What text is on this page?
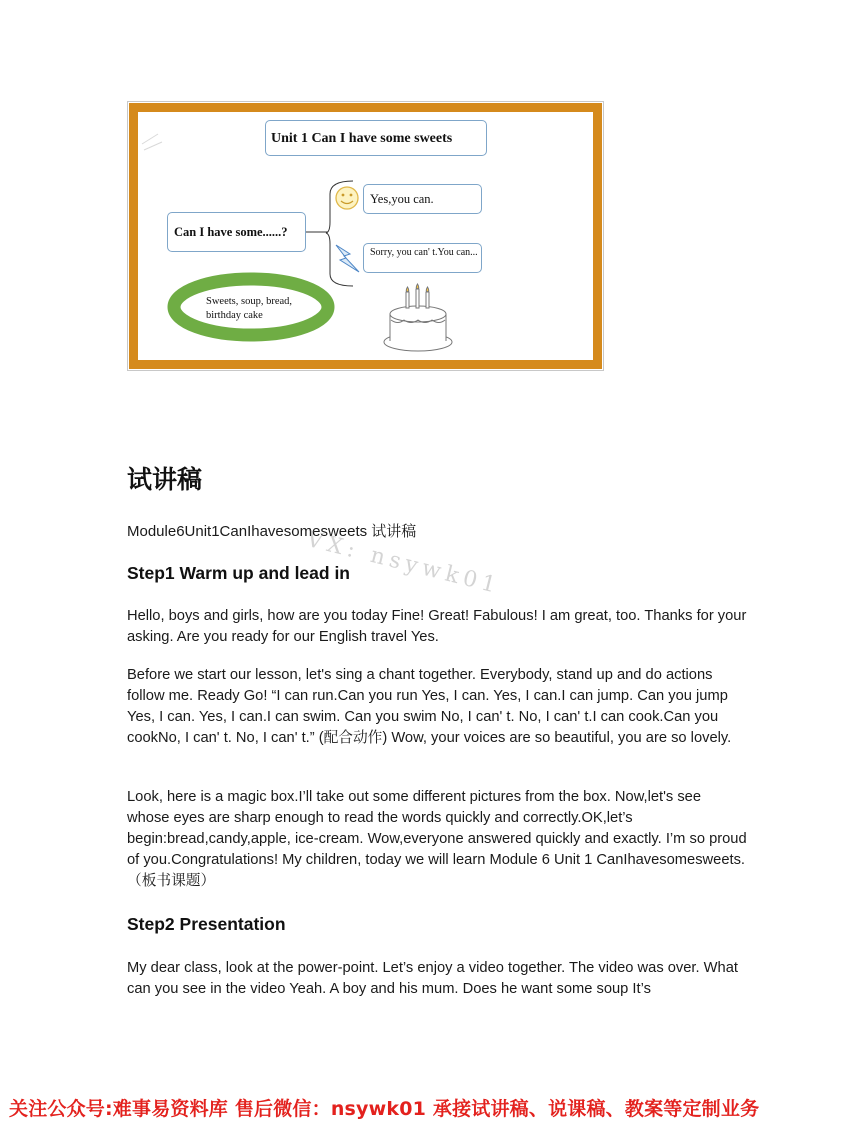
Unit 1 Can I have some sweets
Can I have some......?
Yes,you can.
Sorry, you can' t.You can...
Sweets, soup, bread, birthday cake
试讲稿
Module6Unit1CanIhavesomesweets 试讲稿
VX: nsywk01
Step1 Warm up and lead in
Hello, boys and girls, how are you today Fine! Great! Fabulous! I am great, too. Thanks for your asking. Are you ready for our English travel Yes.
Before we start our lesson, let's sing a chant together. Everybody, stand up and do actions follow me. Ready Go! “I can run.Can you run Yes, I can. Yes, I can.I can jump. Can you jump Yes, I can. Yes, I can.I can swim. Can you swim No, I can' t. No, I can' t.I can cook.Can you cookNo, I can' t. No, I can' t.” (配合动作) Wow, your voices are so beautiful, you are so lovely.
Look, here is a magic box.I’ll take out some different pictures from the box. Now,let's see whose eyes are sharp enough to read the words quickly and correctly.OK,let’s begin:bread,candy,apple, ice-cream. Wow,everyone answered quickly and exactly. I’m so proud of you.Congratulations! My children, today we will learn Module 6 Unit 1 CanIhavesomesweets.（板书课题）
Step2 Presentation
My dear class, look at the power-point. Let’s enjoy a video together. The video was over. What can you see in the video Yeah. A boy and his mum. Does he want some soup It’s
关注公众号:难事易资料库 售后微信：nsywk01 承接试讲稿、说课稿、教案等定制业务
